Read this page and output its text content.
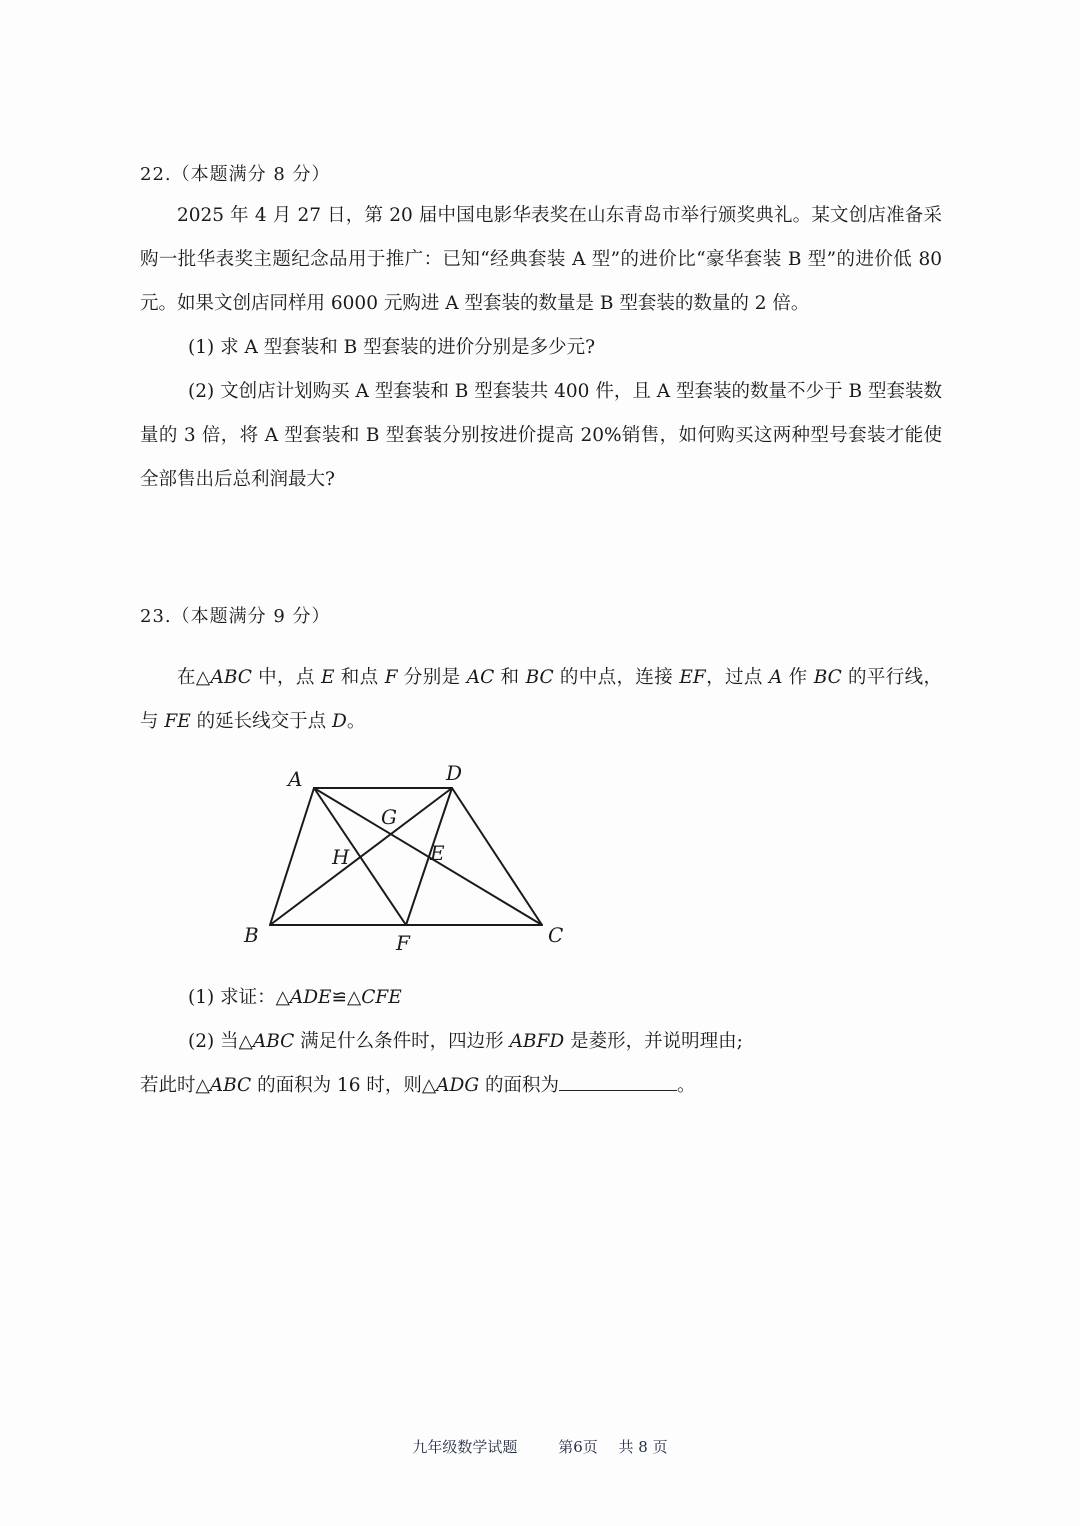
22.（本题满分 8 分）

2025 年 4 月 27 日，第 20 届中国电影华表奖在山东青岛市举行颁奖典礼。某文创店准备采购一批华表奖主题纪念品用于推广：已知“经典套装 A 型”的进价比“豪华套装 B 型”的进价低 80 元。如果文创店同样用 6000 元购进 A 型套装的数量是 B 型套装的数量的 2 倍。

(1) 求 A 型套装和 B 型套装的进价分别是多少元?

(2) 文创店计划购买 A 型套装和 B 型套装共 400 件，且 A 型套装的数量不少于 B 型套装数量的 3 倍，将 A 型套装和 B 型套装分别按进价提高 20%销售，如何购买这两种型号套装才能使全部售出后总利润最大?

23.（本题满分 9 分）

在△ABC 中，点 E 和点 F 分别是 AC 和 BC 的中点，连接 EF，过点 A 作 BC 的平行线，与 FE 的延长线交于点 D。

A	D
G
H	E
B	F	C

(1) 求证：△ADE≌△CFE

(2) 当△ABC 满足什么条件时，四边形 ABFD 是菱形，并说明理由;

若此时△ABC 的面积为 16 时，则△ADG 的面积为	。

九年级数学试题	第6页 共 8 页
